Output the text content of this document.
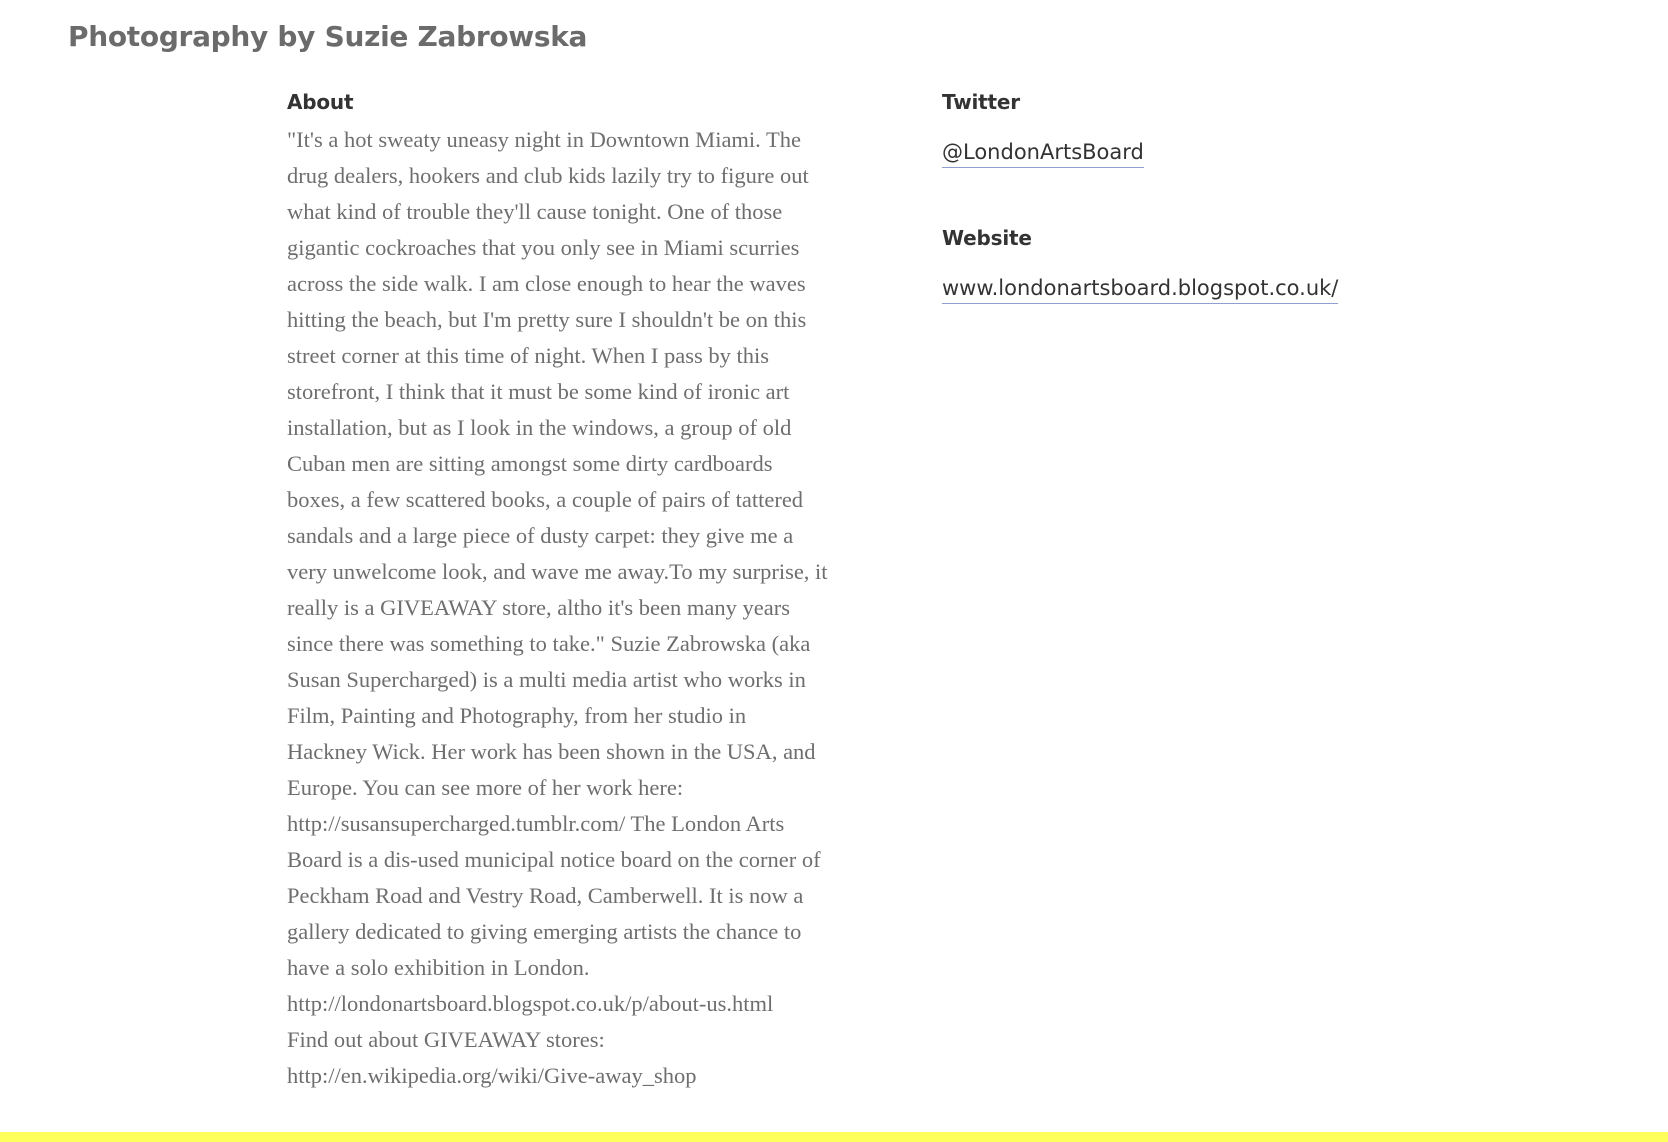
Photography by Suzie Zabrowska
About

"It's a hot sweaty uneasy night in Downtown Miami. The
drug dealers, hookers and club kids lazily try to figure out
what kind of trouble they'll cause tonight. One of those
gigantic cockroaches that you only see in Miami scurries
across the side walk. I am close enough to hear the waves
hitting the beach, but I'm pretty sure I shouldn't be on this
street corner at this time of night. When I pass by this
storefront, I think that it must be some kind of ironic art
installation, but as I look in the windows, a group of old
Cuban men are sitting amongst some dirty cardboards
boxes, a few scattered books, a couple of pairs of tattered
sandals and a large piece of dusty carpet: they give me a
very unwelcome look, and wave me away.To my surprise, it
really is a GIVEAWAY store, altho it's been many years
since there was something to take." Suzie Zabrowska (aka
Susan Supercharged) is a multi media artist who works in
Film, Painting and Photography, from her studio in
Hackney Wick. Her work has been shown in the USA, and
Europe. You can see more of her work here:
http://susansupercharged.tumblr.com/ The London Arts
Board is a dis-used municipal notice board on the corner of
Peckham Road and Vestry Road, Camberwell. It is now a
gallery dedicated to giving emerging artists the chance to
have a solo exhibition in London.
http://londonartsboard.blogspot.co.uk/p/about-us.html
Find out about GIVEAWAY stores:
http://en.wikipedia.org/wiki/Give-away_shop

Twitter
@LondonArtsBoard
Website
www.londonartsboard.blogspot.co.uk/
